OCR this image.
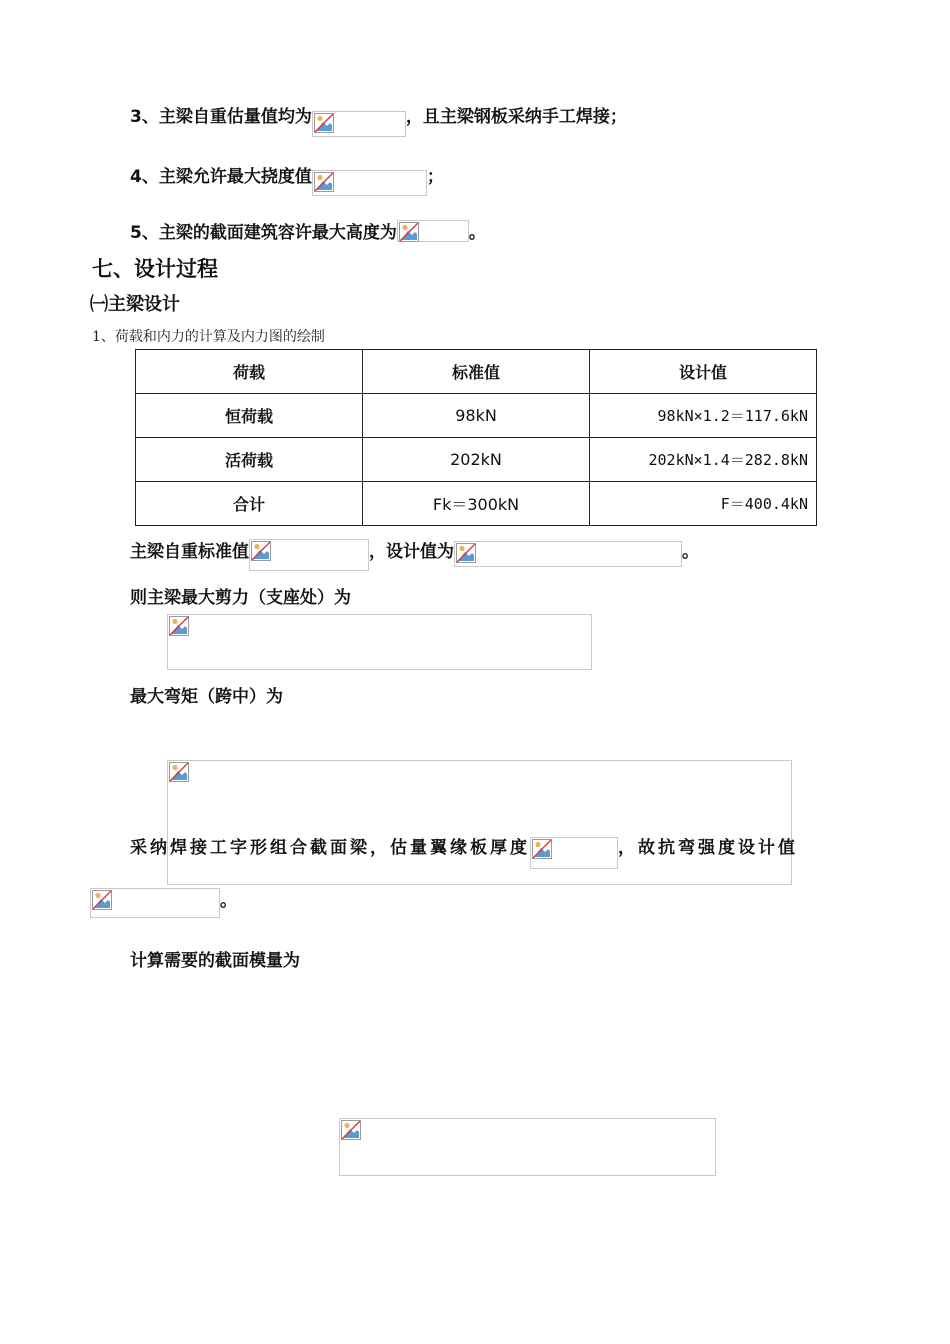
3、主梁自重估量值均为	，且主梁钢板采纳手工焊接；
4、主梁允许最大挠度值	；
5、主梁的截面建筑容许最大高度为	。
七、设计过程
㈠主梁设计
1、荷载和内力的计算及内力图的绘制
荷载	标准值	设计值
恒荷载	98kN	98kN×1.2＝117.6kN
活荷载	202kN	202kN×1.4＝282.8kN
合计	Fk＝300kN	F＝400.4kN
主梁自重标准值	，设计值为	。
则主梁最大剪力（支座处）为

最大弯矩（跨中）为

采纳焊接工字形组合截面梁，估量翼缘板厚度	，故抗弯强度设计值
。
计算需要的截面模量为
